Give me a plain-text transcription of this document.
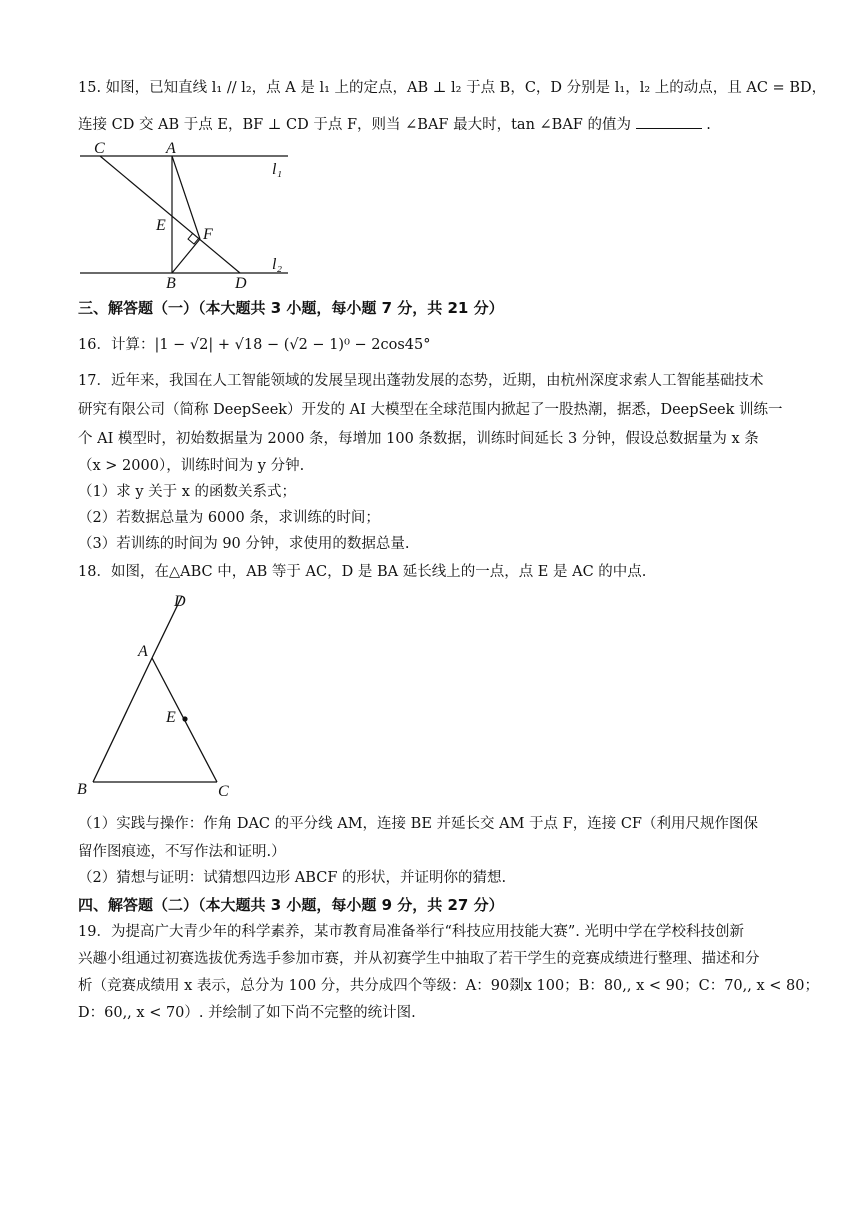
15. 如图，已知直线 l₁ // l₂，点 A 是 l₁ 上的定点，AB ⊥ l₂ 于点 B，C，D 分别是 l₁，l₂ 上的动点，且 AC = BD，
连接 CD 交 AB 于点 E，BF ⊥ CD 于点 F，则当 ∠BAF 最大时，tan ∠BAF 的值为	.
C	A
l₁
E
F
B	D
l₂
三、解答题（一）（本大题共 3 小题，每小题 7 分，共 21 分）
16．计算：|1 − √2| + √18 − (√2 − 1)⁰ − 2cos45°
17．近年来，我国在人工智能领域的发展呈现出蓬勃发展的态势，近期，由杭州深度求索人工智能基础技术
研究有限公司（简称 DeepSeek）开发的 AI 大模型在全球范围内掀起了一股热潮，据悉，DeepSeek 训练一
个 AI 模型时，初始数据量为 2000 条，每增加 100 条数据，训练时间延长 3 分钟，假设总数据量为 x 条
（x > 2000），训练时间为 y 分钟.
（1）求 y 关于 x 的函数关系式；
（2）若数据总量为 6000 条，求训练的时间；
（3）若训练的时间为 90 分钟，求使用的数据总量.
18．如图，在△ABC 中，AB 等于 AC，D 是 BA 延长线上的一点，点 E 是 AC 的中点.
D
A
E
B	C
（1）实践与操作：作角 DAC 的平分线 AM，连接 BE 并延长交 AM 于点 F，连接 CF（利用尺规作图保
留作图痕迹，不写作法和证明.）
（2）猜想与证明：试猜想四边形 ABCF 的形状，并证明你的猜想.
四、解答题（二）（本大题共 3 小题，每小题 9 分，共 27 分）
19．为提高广大青少年的科学素养，某市教育局准备举行“科技应用技能大赛”. 光明中学在学校科技创新
兴趣小组通过初赛选拔优秀选手参加市赛，并从初赛学生中抽取了若干学生的竞赛成绩进行整理、描述和分
析（竞赛成绩用 x 表示，总分为 100 分，共分成四个等级：A：90剟x 100；B：80,, x < 90；C：70,, x < 80；
D：60,, x < 70）. 并绘制了如下尚不完整的统计图.
